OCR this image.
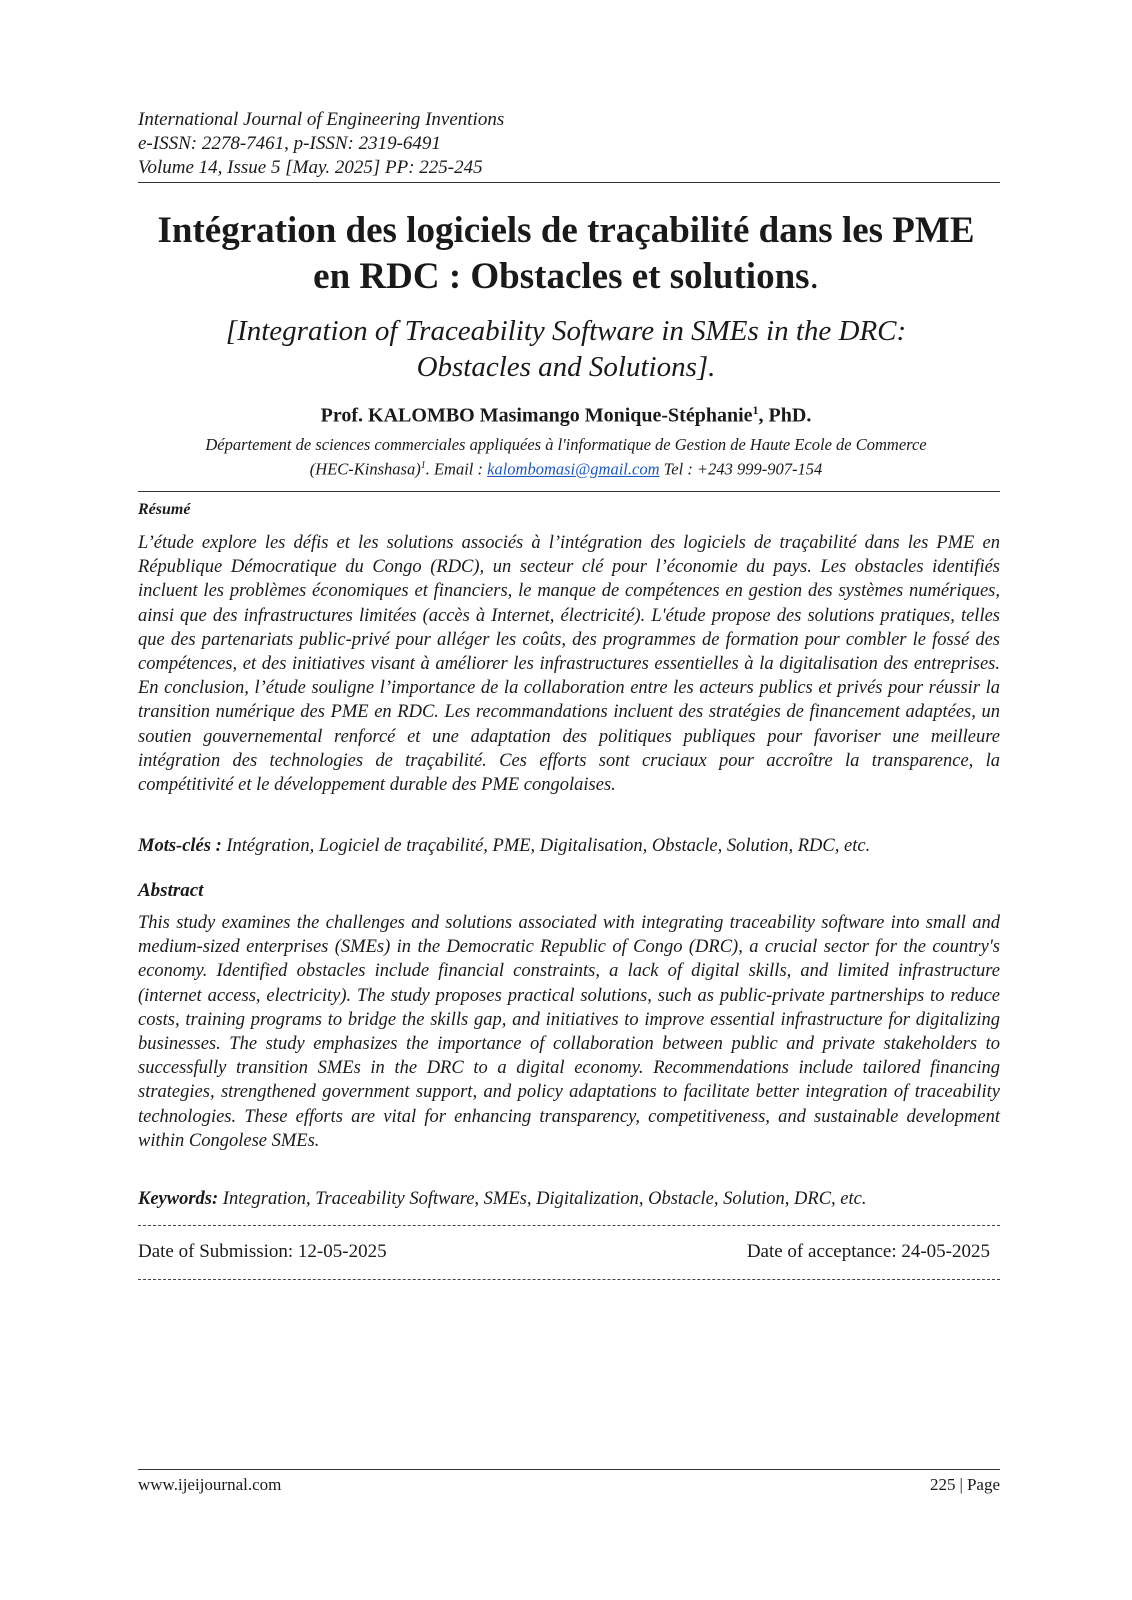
International Journal of Engineering Inventions
e-ISSN: 2278-7461, p-ISSN: 2319-6491
Volume 14, Issue 5 [May. 2025] PP: 225-245
Intégration des logiciels de traçabilité dans les PME
en RDC : Obstacles et solutions.
[Integration of Traceability Software in SMEs in the DRC:
Obstacles and Solutions].
Prof. KALOMBO Masimango Monique-Stéphanie$^1$, PhD.
Département de sciences commerciales appliquées à l'informatique de Gestion de Haute Ecole de Commerce
(HEC-Kinshasa)$^1$. Email : kalombomasi@gmail.com Tel : +243 999-907-154
Résumé
L’étude explore les défis et les solutions associés à l’intégration des logiciels de traçabilité dans les PME en République Démocratique du Congo (RDC), un secteur clé pour l’économie du pays. Les obstacles identifiés incluent les problèmes économiques et financiers, le manque de compétences en gestion des systèmes numériques, ainsi que des infrastructures limitées (accès à Internet, électricité). L'étude propose des solutions pratiques, telles que des partenariats public-privé pour alléger les coûts, des programmes de formation pour combler le fossé des compétences, et des initiatives visant à améliorer les infrastructures essentielles à la digitalisation des entreprises. En conclusion, l’étude souligne l’importance de la collaboration entre les acteurs publics et privés pour réussir la transition numérique des PME en RDC. Les recommandations incluent des stratégies de financement adaptées, un soutien gouvernemental renforcé et une adaptation des politiques publiques pour favoriser une meilleure intégration des technologies de traçabilité. Ces efforts sont cruciaux pour accroître la transparence, la compétitivité et le développement durable des PME congolaises.
Mots-clés : Intégration, Logiciel de traçabilité, PME, Digitalisation, Obstacle, Solution, RDC, etc.
Abstract
This study examines the challenges and solutions associated with integrating traceability software into small and medium-sized enterprises (SMEs) in the Democratic Republic of Congo (DRC), a crucial sector for the country's economy. Identified obstacles include financial constraints, a lack of digital skills, and limited infrastructure (internet access, electricity). The study proposes practical solutions, such as public-private partnerships to reduce costs, training programs to bridge the skills gap, and initiatives to improve essential infrastructure for digitalizing businesses. The study emphasizes the importance of collaboration between public and private stakeholders to successfully transition SMEs in the DRC to a digital economy. Recommendations include tailored financing strategies, strengthened government support, and policy adaptations to facilitate better integration of traceability technologies. These efforts are vital for enhancing transparency, competitiveness, and sustainable development within Congolese SMEs.
Keywords: Integration, Traceability Software, SMEs, Digitalization, Obstacle, Solution, DRC, etc.
Date of Submission: 12-05-2025	Date of acceptance: 24-05-2025
www.ijeijournal.com	225 | Page
